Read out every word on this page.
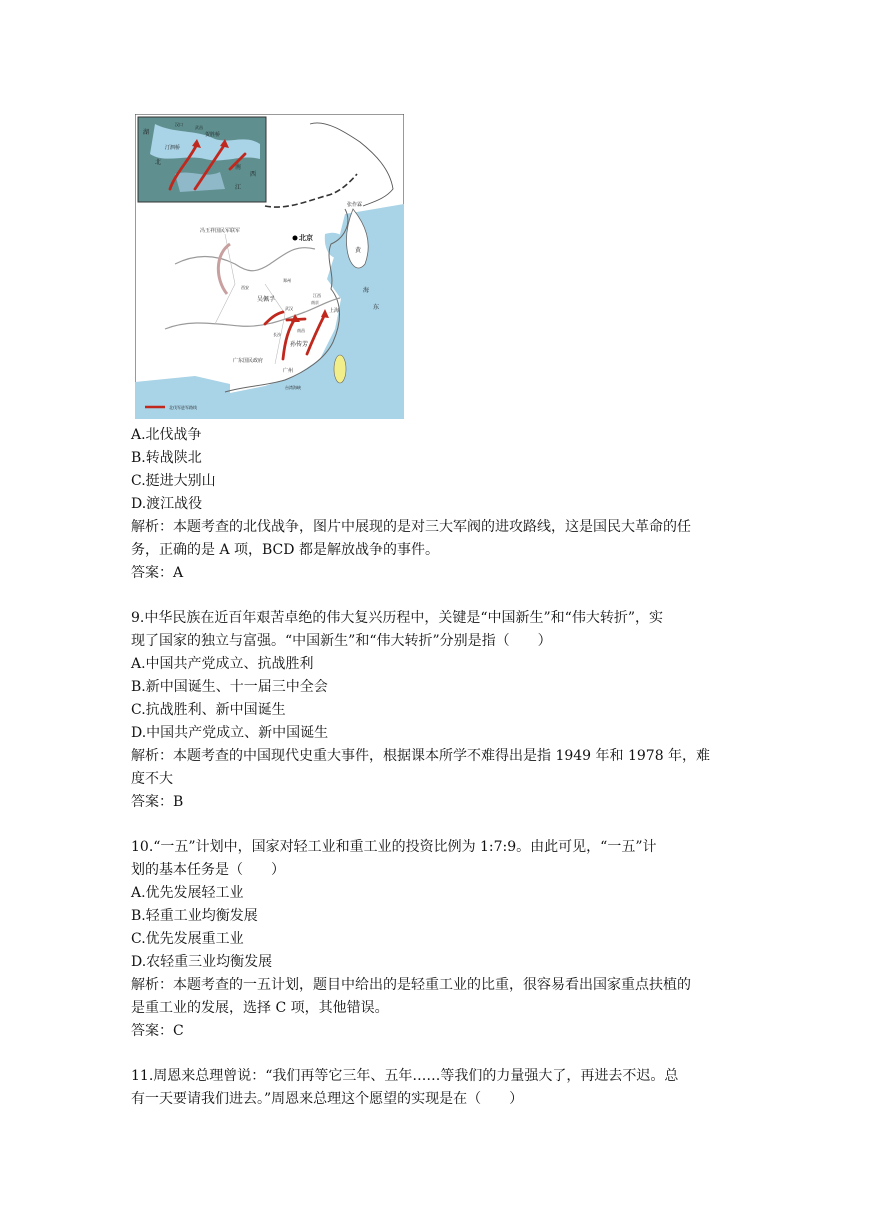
北京
张作霖
冯玉祥国民军联军
吴佩孚
孙传芳
广东国民政府
上海
广州
西安
武汉
长沙
南昌
郑州
江西
南京
台湾海峡
汀泗桥
贺胜桥
汉口
武昌
湖
北
南
江
西
黄
海
东
北伐军进军路线
A.北伐战争
B.转战陕北
C.挺进大别山
D.渡江战役
解析：本题考查的北伐战争，图片中展现的是对三大军阀的进攻路线，这是国民大革命的任
务，正确的是 A 项，BCD 都是解放战争的事件。
答案：A
9.中华民族在近百年艰苦卓绝的伟大复兴历程中，关键是“中国新生”和“伟大转折”，实
现了国家的独立与富强。“中国新生”和“伟大转折”分别是指（　　）
A.中国共产党成立、抗战胜利
B.新中国诞生、十一届三中全会
C.抗战胜利、新中国诞生
D.中国共产党成立、新中国诞生
解析：本题考查的中国现代史重大事件，根据课本所学不难得出是指 1949 年和 1978 年，难
度不大
答案：B
10.“一五”计划中，国家对轻工业和重工业的投资比例为 1:7:9。由此可见，“一五”计
划的基本任务是（　　）
A.优先发展轻工业
B.轻重工业均衡发展
C.优先发展重工业
D.农轻重三业均衡发展
解析：本题考查的一五计划，题目中给出的是轻重工业的比重，很容易看出国家重点扶植的
是重工业的发展，选择 C 项，其他错误。
答案：C
11.周恩来总理曾说：“我们再等它三年、五年……等我们的力量强大了，再进去不迟。总
有一天要请我们进去。”周恩来总理这个愿望的实现是在（　　）
